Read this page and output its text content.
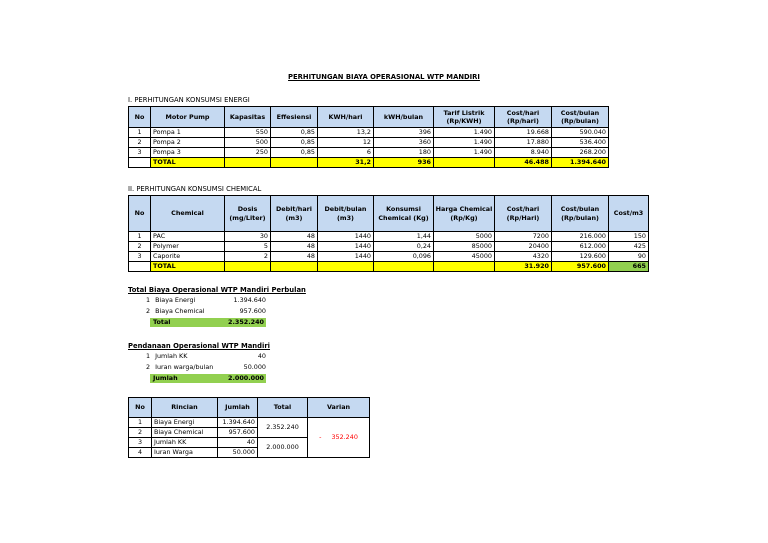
PERHITUNGAN BIAYA OPERASIONAL WTP MANDIRI
I. PERHITUNGAN KONSUMSI ENERGI
No	Motor Pump	Kapasitas	Effesiensi	KWH/hari	kWH/bulan	Tarif Listrik (Rp/KWH)	Cost/hari (Rp/hari)	Cost/bulan (Rp/bulan)
1	Pompa 1	550	0,85	13,2	396	1.490	19.668	590.040
2	Pompa 2	500	0,85	12	360	1.490	17.880	536.400
3	Pompa 3	250	0,85	6	180	1.490	8.940	268.200
	TOTAL			31,2	936		46.488	1.394.640
II. PERHITUNGAN KONSUMSI CHEMICAL
No	Chemical	Dosis (mg/Liter)	Debit/hari (m3)	Debit/bulan (m3)	Konsumsi Chemical (Kg)	Harga Chemical (Rp/Kg)	Cost/hari (Rp/Hari)	Cost/bulan (Rp/bulan)	Cost/m3
1	PAC	30	48	1440	1,44	5000	7200	216.000	150
2	Polymer	5	48	1440	0,24	85000	20400	612.000	425
3	Caporite	2	48	1440	0,096	45000	4320	129.600	90
	TOTAL						31.920	957.600	665
Total Biaya Operasional WTP Mandiri Perbulan
1 Biaya Energi	1.394.640
2 Biaya Chemical	957.600
Total	2.352.240
Pendanaan Operasional WTP Mandiri
1 Jumlah KK	40
2 Iuran warga/bulan	50.000
Jumlah	2.000.000
No	Rincian	Jumlah	Total	Varian
1	Biaya Energi	1.394.640	2.352.240	- 352.240
2	Biaya Chemical	957.600		
3	Jumlah KK	40	2.000.000	
4	Iuran Warga	50.000		
